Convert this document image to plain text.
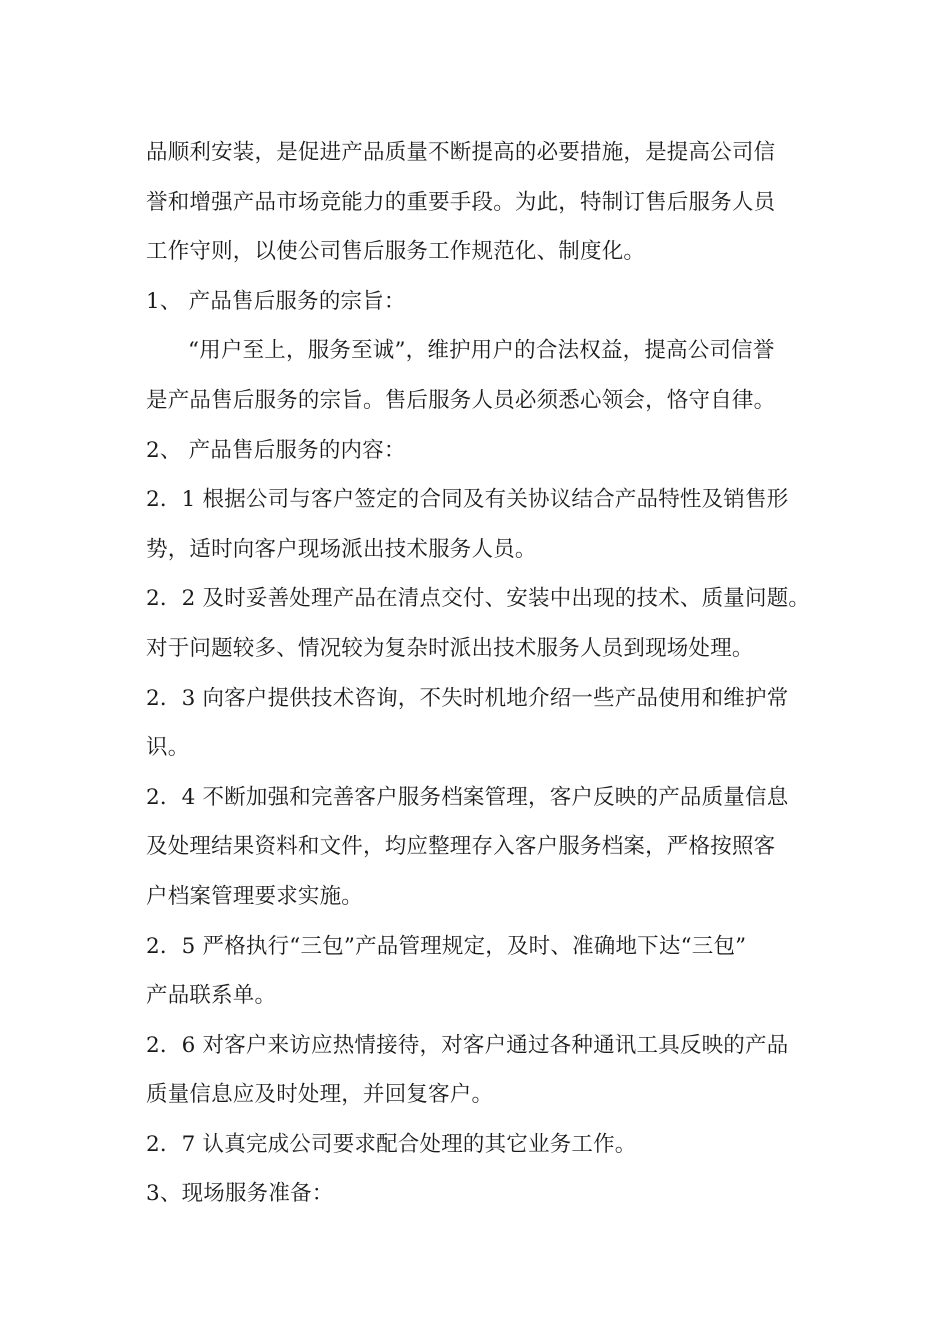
品顺利安装，是促进产品质量不断提高的必要措施，是提高公司信
誉和增强产品市场竞能力的重要手段。为此，特制订售后服务人员
工作守则，以使公司售后服务工作规范化、制度化。
1、 产品售后服务的宗旨：
“用户至上，服务至诚”，维护用户的合法权益，提高公司信誉
是产品售后服务的宗旨。售后服务人员必须悉心领会，恪守自律。
2、 产品售后服务的内容：
2．1 根据公司与客户签定的合同及有关协议结合产品特性及销售形
势，适时向客户现场派出技术服务人员。
2．2 及时妥善处理产品在清点交付、安装中出现的技术、质量问题。
对于问题较多、情况较为复杂时派出技术服务人员到现场处理。
2．3 向客户提供技术咨询，不失时机地介绍一些产品使用和维护常
识。
2．4 不断加强和完善客户服务档案管理，客户反映的产品质量信息
及处理结果资料和文件，均应整理存入客户服务档案，严格按照客
户档案管理要求实施。
2．5 严格执行“三包”产品管理规定，及时、准确地下达“三包”
产品联系单。
2．6 对客户来访应热情接待，对客户通过各种通讯工具反映的产品
质量信息应及时处理，并回复客户。
2．7 认真完成公司要求配合处理的其它业务工作。
3、现场服务准备：
